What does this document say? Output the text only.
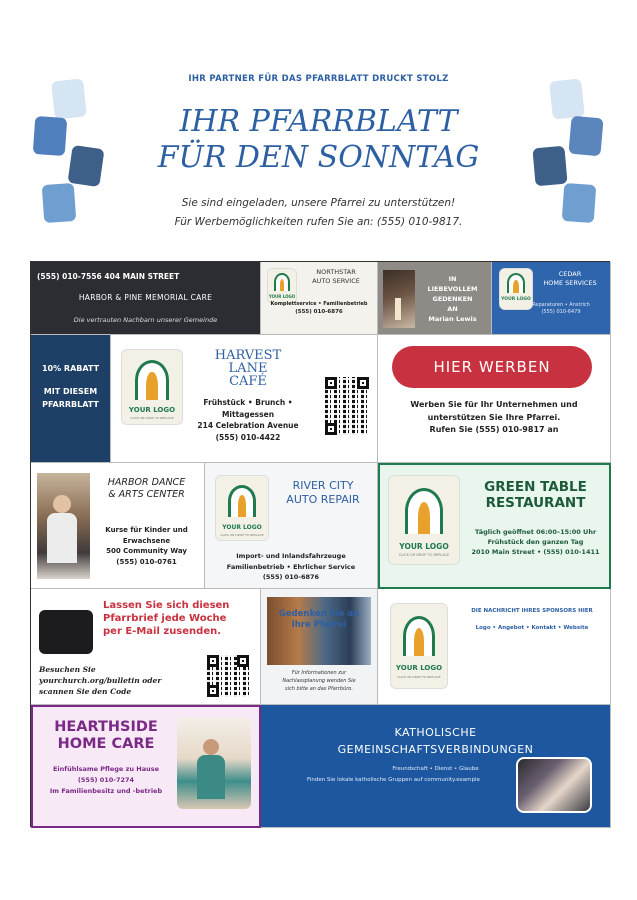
IHR PARTNER FÜR DAS PFARRBLATT DRUCKT STOLZ
IHR PFARRBLATT
FÜR DEN SONNTAG
Sie sind eingeladen, unsere Pfarrei zu unterstützen!
Für Werbemöglichkeiten rufen Sie an: (555) 010-9817.
(555) 010-7556 404 MAIN STREET
HARBOR & PINE MEMORIAL CARE
Die vertrauten Nachbarn unserer Gemeinde
YOUR LOGO
NORTHSTAR
AUTO SERVICE
Komplettservice • Familienbetrieb
(555) 010-6876
IN
LIEBEVOLLEM
GEDENKEN
AN
Marian Lewis
YOUR LOGO
CEDAR
HOME SERVICES
Reparaturen • Anstrich
(555) 010-6479
10% RABATT
MIT DIESEM
PFARRBLATT
YOUR LOGO
CLICK OR DROP TO REPLACE
HARVEST
LANE
CAFÉ
Frühstück • Brunch •
Mittagessen
214 Celebration Avenue
(555) 010-4422
HIER WERBEN
Werben Sie für Ihr Unternehmen und
unterstützen Sie Ihre Pfarrei.
Rufen Sie (555) 010-9817 an
HARBOR DANCE
& ARTS CENTER
Kurse für Kinder und
Erwachsene
500 Community Way
(555) 010-0761
YOUR LOGO
CLICK OR DROP TO REPLACE
RIVER CITY
AUTO REPAIR
Import- und Inlandsfahrzeuge
Familienbetrieb • Ehrlicher Service
(555) 010-6876
YOUR LOGO
CLICK OR DROP TO REPLACE
GREEN TABLE
RESTAURANT
Täglich geöffnet 06:00–15:00 Uhr
Frühstück den ganzen Tag
2010 Main Street • (555) 010-1411
Lassen Sie sich diesen
Pfarrbrief jede Woche
per E-Mail zusenden.
Besuchen Sie
yourchurch.org/bulletin oder
scannen Sie den Code
Gedenken Sie an
Ihre Pfarrei
Für Informationen zur
Nachlassplanung wenden Sie
sich bitte an das Pfarrbüro.
YOUR LOGO
CLICK OR DROP TO REPLACE
DIE NACHRICHT IHRES SPONSORS HIER
Logo • Angebot • Kontakt • Website
HEARTHSIDE
HOME CARE
Einfühlsame Pflege zu Hause
(555) 010-7274
Im Familienbesitz und -betrieb
KATHOLISCHE
GEMEINSCHAFTSVERBINDUNGEN
Freundschaft • Dienst • Glaube
Finden Sie lokale katholische Gruppen auf community.example
